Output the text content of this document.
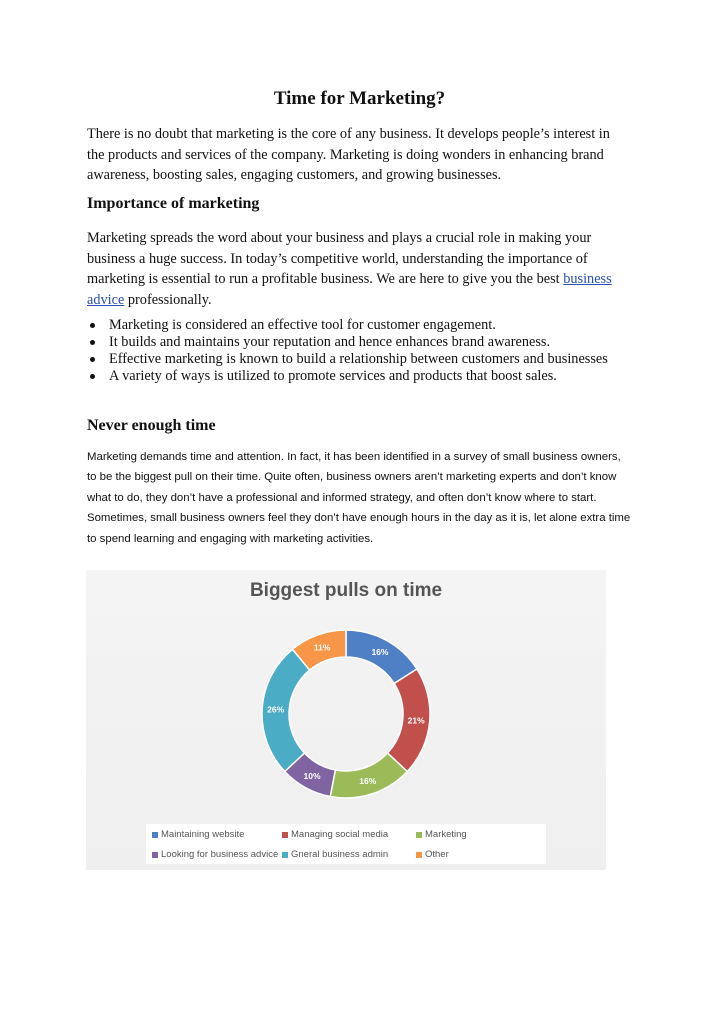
Time for Marketing?

There is no doubt that marketing is the core of any business. It develops people’s interest in the products and services of the company. Marketing is doing wonders in enhancing brand awareness, boosting sales, engaging customers, and growing businesses.

Importance of marketing

Marketing spreads the word about your business and plays a crucial role in making your business a huge success. In today’s competitive world, understanding the importance of marketing is essential to run a profitable business. We are here to give you the best business advice professionally.

Marketing is considered an effective tool for customer engagement.
It builds and maintains your reputation and hence enhances brand awareness.
Effective marketing is known to build a relationship between customers and businesses
A variety of ways is utilized to promote services and products that boost sales.
Never enough time

Marketing demands time and attention. In fact, it has been identified in a survey of small business owners, to be the biggest pull on their time. Quite often, business owners aren’t marketing experts and don’t know what to do, they don’t have a professional and informed strategy, and often don’t know where to start. Sometimes, small business owners feel they don’t have enough hours in the day as it is, let alone extra time to spend learning and engaging with marketing activities.

Biggest pulls on time
16%
21%
16%
10%
26%
11%
Maintaining website	Managing social media	Marketing
Looking for business advice Gneral business admin	Other
